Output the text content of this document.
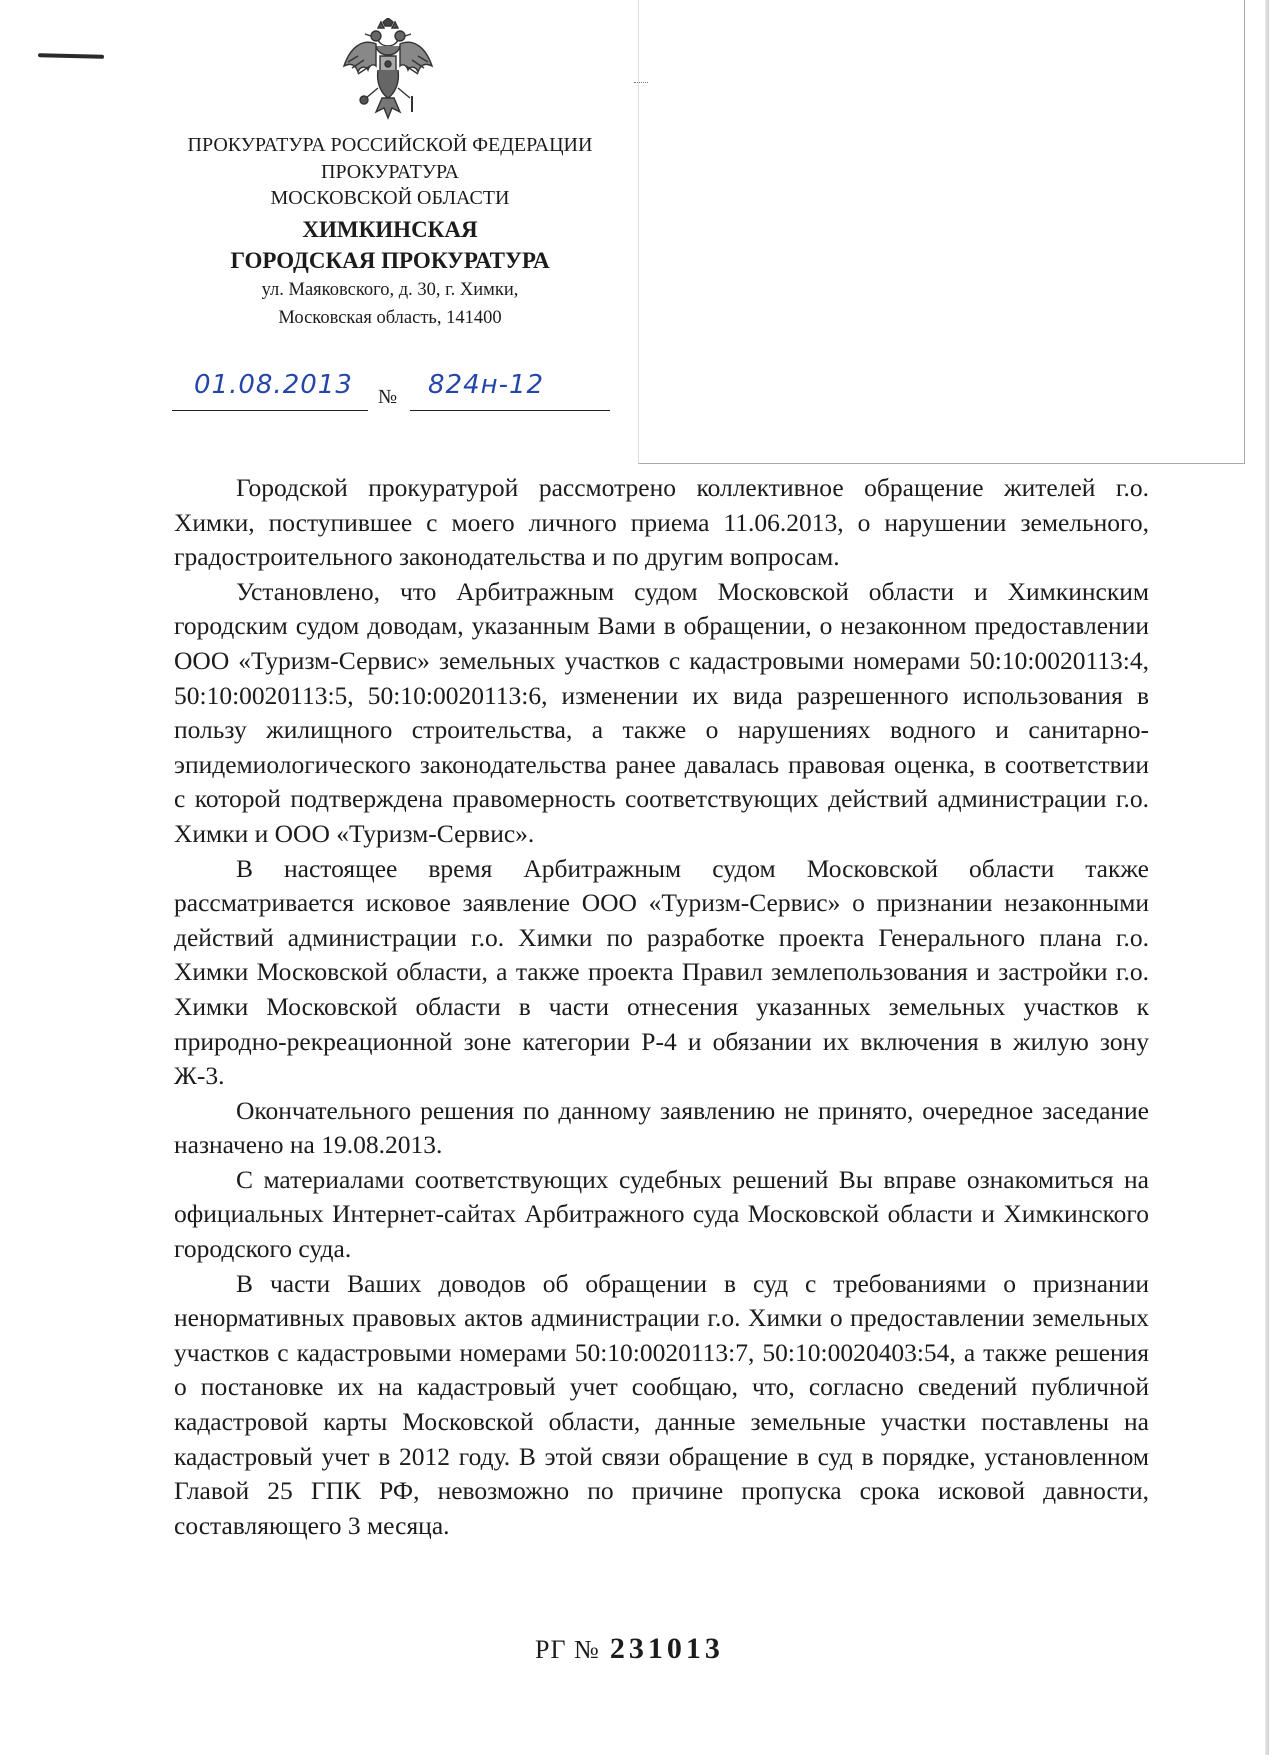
ПРОКУРАТУРА РОССИЙСКОЙ ФЕДЕРАЦИИ
ПРОКУРАТУРА
МОСКОВСКОЙ ОБЛАСТИ
ХИМКИНСКАЯ
ГОРОДСКАЯ ПРОКУРАТУРА
ул. Маяковского, д. 30, г. Химки,
Московская область, 141400
01.08.2013 № 824н-12

Городской прокуратурой рассмотрено коллективное обращение жителей г.о. Химки, поступившее с моего личного приема 11.06.2013, о нарушении земельного, градостроительного законодательства и по другим вопросам.

Установлено, что Арбитражным судом Московской области и Химкинским городским судом доводам, указанным Вами в обращении, о незаконном предоставлении ООО «Туризм-Сервис» земельных участков с кадастровыми номерами 50:10:0020113:4, 50:10:0020113:5, 50:10:0020113:6, изменении их вида разрешенного использования в пользу жилищного строительства, а также о нарушениях водного и санитарно-эпидемиологического законодательства ранее давалась правовая оценка, в соответствии с которой подтверждена правомерность соответствующих действий администрации г.о. Химки и ООО «Туризм-Сервис».

В настоящее время Арбитражным судом Московской области также рассматривается исковое заявление ООО «Туризм-Сервис» о признании незаконными действий администрации г.о. Химки по разработке проекта Генерального плана г.о. Химки Московской области, а также проекта Правил землепользования и застройки г.о. Химки Московской области в части отнесения указанных земельных участков к природно-рекреационной зоне категории Р-4 и обязании их включения в жилую зону Ж-3.

Окончательного решения по данному заявлению не принято, очередное заседание назначено на 19.08.2013.

С материалами соответствующих судебных решений Вы вправе ознакомиться на официальных Интернет-сайтах Арбитражного суда Московской области и Химкинского городского суда.

В части Ваших доводов об обращении в суд с требованиями о признании ненормативных правовых актов администрации г.о. Химки о предоставлении земельных участков с кадастровыми номерами 50:10:0020113:7, 50:10:0020403:54, а также решения о постановке их на кадастровый учет сообщаю, что, согласно сведений публичной кадастровой карты Московской области, данные земельные участки поставлены на кадастровый учет в 2012 году. В этой связи обращение в суд в порядке, установленном Главой 25 ГПК РФ, невозможно по причине пропуска срока исковой давности, составляющего 3 месяца.

РГ № 231013
